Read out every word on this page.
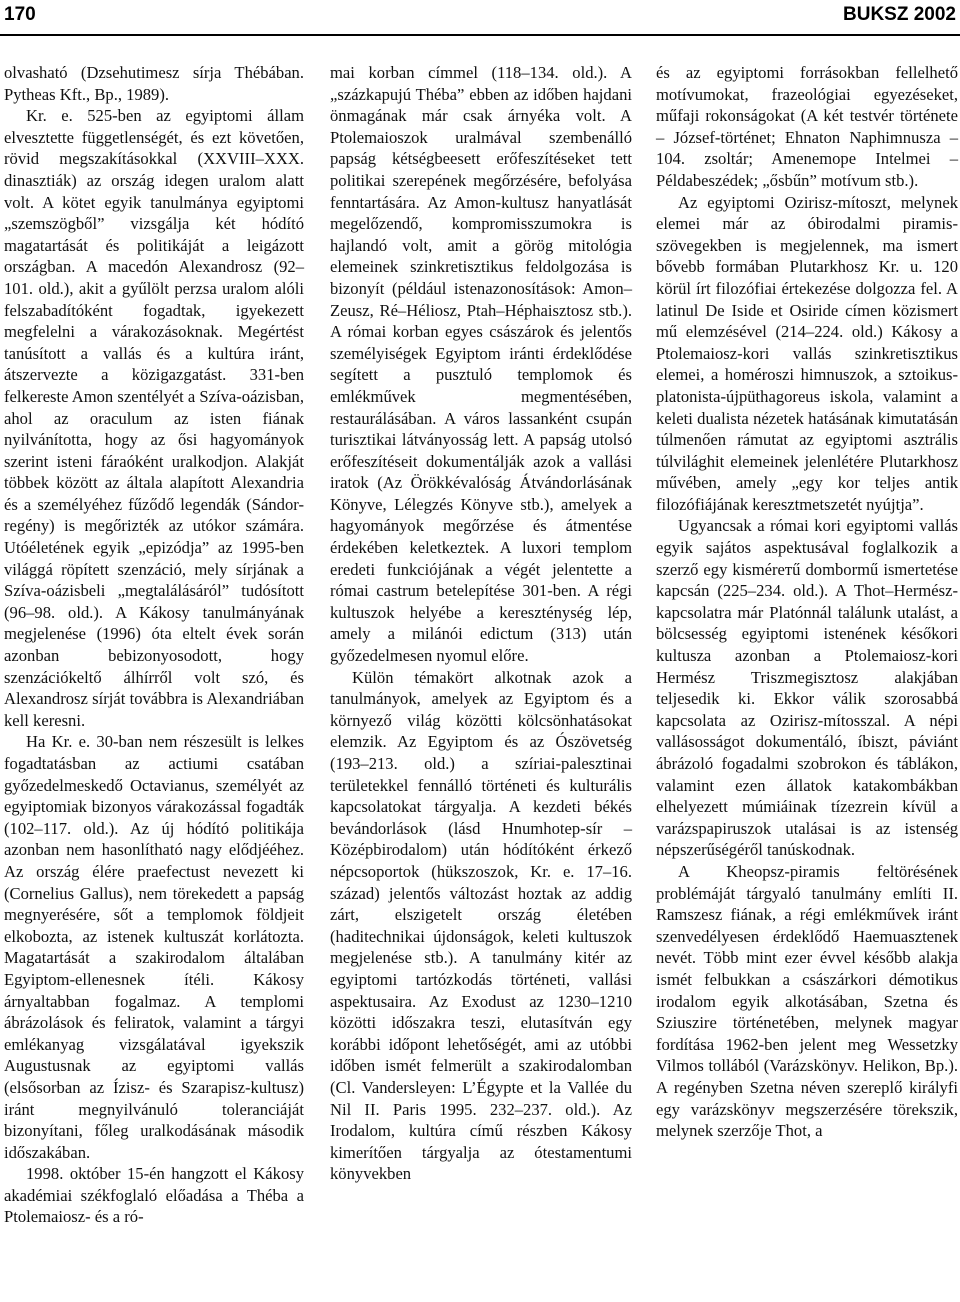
170	BUKSZ 2002

olvasható (Dzsehutimesz sírja Thébában. Pytheas Kft., Bp., 1989).

Kr. e. 525-ben az egyiptomi állam elvesztette függetlenségét, és ezt követően, rövid megszakításokkal (XXVIII–XXX. dinasztiák) az ország idegen uralom alatt volt. A kötet egyik tanulmánya egyiptomi „szemszögből” vizsgálja két hódító magatartását és politikáját a leigázott országban. A macedón Alexandrosz (92–101. old.), akit a gyűlölt perzsa uralom alóli felszabadítóként fogadtak, igyekezett megfelelni a várakozásoknak. Megértést tanúsított a vallás és a kultúra iránt, átszervezte a közigazgatást. 331-ben felkereste Amon szentélyét a Szíva-oázisban, ahol az oraculum az isten fiának nyilvánította, hogy az ősi hagyományok szerint isteni fáraóként uralkodjon. Alakját többek között az általa alapított Alexandria és a személyéhez fűződő legendák (Sándor-regény) is megőrizték az utókor számára. Utóéletének egyik „epizódja” az 1995-ben világgá röpített szenzáció, mely sírjának a Szíva-oázisbeli „megtalálásáról” tudósított (96–98. old.). A Kákosy tanulmányának megjelenése (1996) óta eltelt évek során azonban bebizonyosodott, hogy szenzációkeltő álhírről volt szó, és Alexandrosz sírját továbbra is Alexandriában kell keresni.

Ha Kr. e. 30-ban nem részesült is lelkes fogadtatásban az actiumi csatában győzedelmeskedő Octavianus, személyét az egyiptomiak bizonyos várakozással fogadták (102–117. old.). Az új hódító politikája azonban nem hasonlítható nagy elődjééhez. Az ország élére praefectust nevezett ki (Cornelius Gallus), nem törekedett a papság megnyerésére, sőt a templomok földjeit elkobozta, az istenek kultuszát korlátozta. Magatartását a szakirodalom általában Egyiptom-ellenesnek ítéli. Kákosy árnyaltabban fogalmaz. A templomi ábrázolások és feliratok, valamint a tárgyi emlékanyag vizsgálatával igyekszik Augustusnak az egyiptomi vallás (elsősorban az Ízisz- és Szarapisz-kultusz) iránt megnyilvánuló toleranciáját bizonyítani, főleg uralkodásának második időszakában.

1998. október 15-én hangzott el Kákosy akadémiai székfoglaló előadása a Théba a Ptolemaiosz- és a ró-

mai korban címmel (118–134. old.). A „százkapujú Théba” ebben az időben hajdani önmagának már csak árnyéka volt. A Ptolemaioszok uralmával szembenálló papság kétségbeesett erőfeszítéseket tett politikai szerepének megőrzésére, befolyása fenntartására. Az Amon-kultusz hanyatlását megelőzendő, kompromisszumokra is hajlandó volt, amit a görög mitológia elemeinek szinkretisztikus feldolgozása is bizonyít (például istenazonosítások: Amon–Zeusz, Ré–Héliosz, Ptah–Héphaisztosz stb.). A római korban egyes császárok és jelentős személyiségek Egyiptom iránti érdeklődése segített a pusztuló templomok és emlékművek megmentésében, restaurálásában. A város lassanként csupán turisztikai látványosság lett. A papság utolsó erőfeszítéseit dokumentálják azok a vallási iratok (Az Örökkévalóság Átvándorlásának Könyve, Lélegzés Könyve stb.), amelyek a hagyományok megőrzése és átmentése érdekében keletkeztek. A luxori templom eredeti funkciójának a végét jelentette a római castrum betelepítése 301-ben. A régi kultuszok helyébe a kereszténység lép, amely a milánói edictum (313) után győzedelmesen nyomul előre.

Külön témakört alkotnak azok a tanulmányok, amelyek az Egyiptom és a környező világ közötti kölcsönhatásokat elemzik. Az Egyiptom és az Ószövetség (193–213. old.) a szíriai-palesztinai területekkel fennálló történeti és kulturális kapcsolatokat tárgyalja. A kezdeti békés bevándorlások (lásd Hnumhotep-sír – Középbirodalom) után hódítóként érkező népcsoportok (hükszoszok, Kr. e. 17–16. század) jelentős változást hoztak az addig zárt, elszigetelt ország életében (haditechnikai újdonságok, keleti kultuszok megjelenése stb.). A tanulmány kitér az egyiptomi tartózkodás történeti, vallási aspektusaira. Az Exodust az 1230–1210 közötti időszakra teszi, elutasítván egy korábbi időpont lehetőségét, ami az utóbbi időben ismét felmerült a szakirodalomban (Cl. Vandersleyen: L’Égypte et la Vallée du Nil II. Paris 1995. 232–237. old.). Az Irodalom, kultúra című részben Kákosy kimerítően tárgyalja az ótestamentumi könyvekben

és az egyiptomi forrásokban fellelhető motívumokat, frazeológiai egyezéseket, műfaji rokonságokat (A két testvér története – József-történet; Ehnaton Naphimnusza – 104. zsoltár; Amenemope Intelmei – Példabeszédek; „ősbűn” motívum stb.).

Az egyiptomi Ozirisz-mítoszt, melynek elemei már az óbirodalmi piramis-szövegekben is megjelennek, ma ismert bővebb formában Plutarkhosz Kr. u. 120 körül írt filozófiai értekezése dolgozza fel. A latinul De Iside et Osiride címen közismert mű elemzésével (214–224. old.) Kákosy a Ptolemaiosz-kori vallás szinkretisztikus elemei, a homéroszi himnuszok, a sztoikus-platonista-újpüthagoreus iskola, valamint a keleti dualista nézetek hatásának kimutatásán túlmenően rámutat az egyiptomi asztrális túlvilághit elemeinek jelenlétére Plutarkhosz művében, amely „egy kor teljes antik filozófiájának keresztmetszetét nyújtja”.

Ugyancsak a római kori egyiptomi vallás egyik sajátos aspektusával foglalkozik a szerző egy kismérетű dombormű ismertetése kapcsán (225–234. old.). A Thot–Hermész-kapcsolatra már Platónnál találunk utalást, a bölcsesség egyiptomi istenének későkori kultusza azonban a Ptolemaiosz-kori Hermész Triszmegisztosz alakjában teljesedik ki. Ekkor válik szorosabbá kapcsolata az Ozirisz-mítosszal. A népi vallásosságot dokumentáló, íbiszt, páviánt ábrázoló fogadalmi szobrokon és táblákon, valamint ezen állatok katakombákban elhelyezett múmiáinak tízezrein kívül a varázspapiruszok utalásai is az istenség népszerűségéről tanúskodnak.

A Kheopsz-piramis feltörésének problémáját tárgyaló tanulmány említi II. Ramszesz fiának, a régi emlékművek iránt szenvedélyesen érdeklődő Haemuasztenek nevét. Több mint ezer évvel később alakja ismét felbukkan a császárkori démotikus irodalom egyik alkotásában, Szetna és Sziuszire történetében, melynek magyar fordítása 1962-ben jelent meg Wessetzky Vilmos tollából (Varázskönyv. Helikon, Bp.). A regényben Szetna néven szereplő királyfi egy varázskönyv megszerzésére törekszik, melynek szerzője Thot, a
